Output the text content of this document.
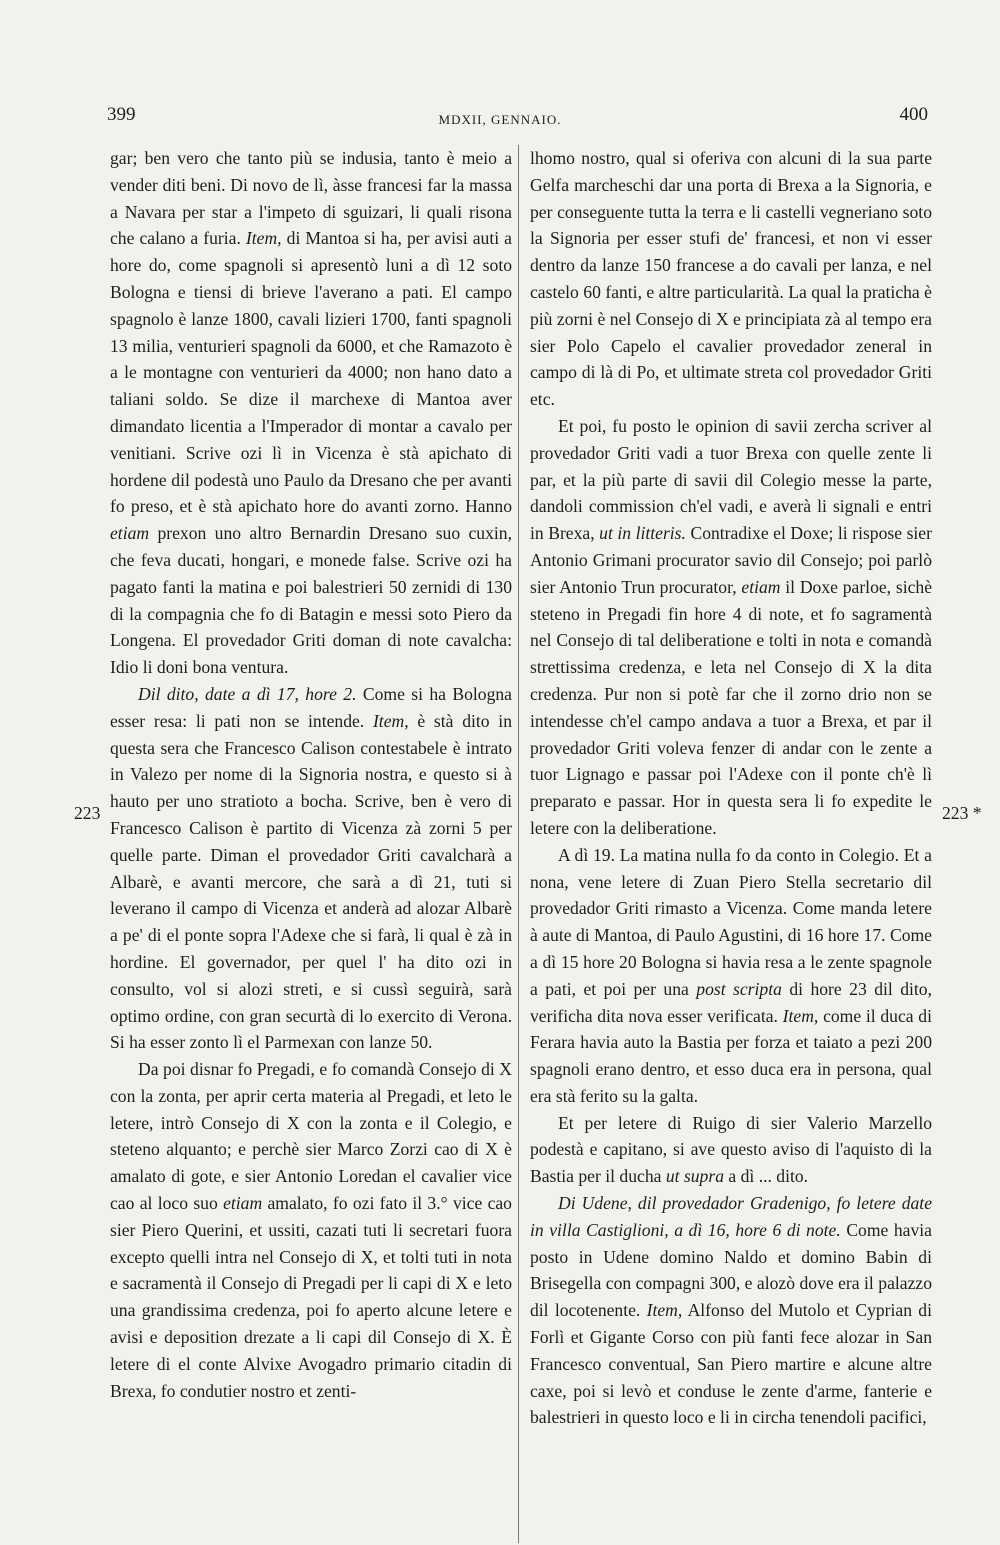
399	MDXII, GENNAIO.	400
223	223 *

gar; ben vero che tanto più se indusia, tanto è meio a vender diti beni. Di novo de lì, àsse francesi far la massa a Navara per star a l'impeto di sguizari, li quali risona che calano a furia. Item, di Mantoa si ha, per avisi auti a hore do, come spagnoli si apresentò luni a dì 12 soto Bologna e tiensi di brieve l'averano a pati. El campo spagnolo è lanze 1800, cavali lizieri 1700, fanti spagnoli 13 milia, venturieri spagnoli da 6000, et che Ramazoto è a le montagne con venturieri da 4000; non hano dato a taliani soldo. Se dize il marchexe di Mantoa aver dimandato licentia a l'Imperador di montar a cavalo per venitiani. Scrive ozi lì in Vicenza è stà apichato di hordene dil podestà uno Paulo da Dresano che per avanti fo preso, et è stà apichato hore do avanti zorno. Hanno etiam prexon uno altro Bernardin Dresano suo cuxin, che feva ducati, hongari, e monede false. Scrive ozi ha pagato fanti la matina e poi balestrieri 50 zernidi di 130 di la compagnia che fo di Batagin e messi soto Piero da Longena. El provedador Griti doman di note cavalcha: Idio li doni bona ventura.

Dil dito, date a dì 17, hore 2. Come si ha Bologna esser resa: li pati non se intende. Item, è stà dito in questa sera che Francesco Calison contestabele è intrato in Valezo per nome di la Signoria nostra, e questo si à hauto per uno stratioto a bocha. Scrive, ben è vero di Francesco Calison è partito di Vicenza zà zorni 5 per quelle parte. Diman el provedador Griti cavalcharà a Albarè, e avanti mercore, che sarà a dì 21, tuti si leverano il campo di Vicenza et anderà ad alozar Albarè a pe' di el ponte sopra l'Adexe che si farà, li qual è zà in hordine. El governador, per quel l' ha dito ozi in consulto, vol si alozi streti, e si cussì seguirà, sarà optimo ordine, con gran securtà di lo exercito di Verona. Si ha esser zonto lì el Parmexan con lanze 50.

Da poi disnar fo Pregadi, e fo comandà Consejo di X con la zonta, per aprir certa materia al Pregadi, et leto le letere, intrò Consejo di X con la zonta e il Colegio, e steteno alquanto; e perchè sier Marco Zorzi cao di X è amalato di gote, e sier Antonio Loredan el cavalier vice cao al loco suo etiam amalato, fo ozi fato il 3.° vice cao sier Piero Querini, et ussiti, cazati tuti li secretari fuora excepto quelli intra nel Consejo di X, et tolti tuti in nota e sacramentà il Consejo di Pregadi per li capi di X e leto una grandissima credenza, poi fo aperto alcune letere e avisi e deposition drezate a li capi dil Consejo di X. È letere di el conte Alvixe Avogadro primario citadin di Brexa, fo condutier nostro et zenti-

lhomo nostro, qual si oferiva con alcuni di la sua parte Gelfa marcheschi dar una porta di Brexa a la Signoria, e per conseguente tutta la terra e li castelli vegneriano soto la Signoria per esser stufi de' francesi, et non vi esser dentro da lanze 150 francese a do cavali per lanza, e nel castelo 60 fanti, e altre particularità. La qual la praticha è più zorni è nel Consejo di X e principiata zà al tempo era sier Polo Capelo el cavalier provedador zeneral in campo di là di Po, et ultimate streta col provedador Griti etc.

Et poi, fu posto le opinion di savii zercha scriver al provedador Griti vadi a tuor Brexa con quelle zente li par, et la più parte di savii dil Colegio messe la parte, dandoli commission ch'el vadi, e averà li signali e entri in Brexa, ut in litteris. Contradixe el Doxe; li rispose sier Antonio Grimani procurator savio dil Consejo; poi parlò sier Antonio Trun procurator, etiam il Doxe parloe, sichè steteno in Pregadi fin hore 4 di note, et fo sagramentà nel Consejo di tal deliberatione e tolti in nota e comandà strettissima credenza, e leta nel Consejo di X la dita credenza. Pur non si potè far che il zorno drio non se intendesse ch'el campo andava a tuor a Brexa, et par il provedador Griti voleva fenzer di andar con le zente a tuor Lignago e passar poi l'Adexe con il ponte ch'è lì preparato e passar. Hor in questa sera li fo expedite le letere con la deliberatione.

A dì 19. La matina nulla fo da conto in Colegio. Et a nona, vene letere di Zuan Piero Stella secretario dil provedador Griti rimasto a Vicenza. Come manda letere à aute di Mantoa, di Paulo Agustini, di 16 hore 17. Come a dì 15 hore 20 Bologna si havia resa a le zente spagnole a pati, et poi per una post scripta di hore 23 dil dito, verificha dita nova esser verificata. Item, come il duca di Ferara havia auto la Bastia per forza et taiato a pezi 200 spagnoli erano dentro, et esso duca era in persona, qual era stà ferito su la galta.

Et per letere di Ruigo di sier Valerio Marzello podestà e capitano, si ave questo aviso di l'aquisto di la Bastia per il ducha ut supra a dì ... dito.

Di Udene, dil provedador Gradenigo, fo letere date in villa Castiglioni, a dì 16, hore 6 di note. Come havia posto in Udene domino Naldo et domino Babin di Brisegella con compagni 300, e alozò dove era il palazzo dil locotenente. Item, Alfonso del Mutolo et Cyprian di Forlì et Gigante Corso con più fanti fece alozar in San Francesco conventual, San Piero martire e alcune altre caxe, poi si levò et conduse le zente d'arme, fanterie e balestrieri in questo loco e li in circha tenendoli pacifici,
